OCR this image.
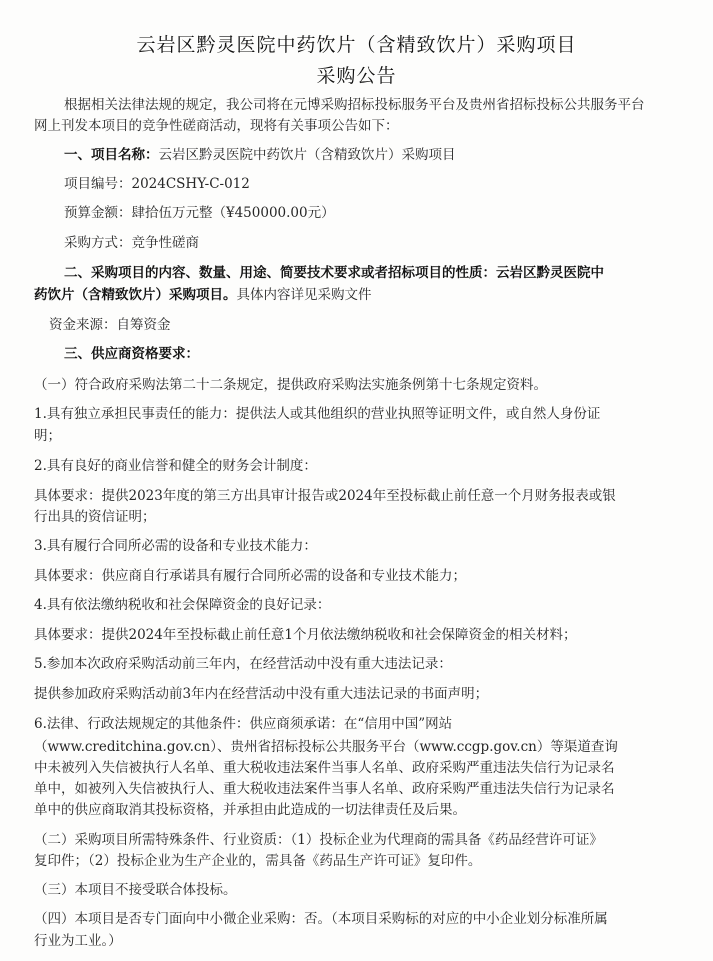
云岩区黔灵医院中药饮片（含精致饮片）采购项目
采购公告
根据相关法律法规的规定，我公司将在元博采购招标投标服务平台及贵州省招标投标公共服务平台
网上刊发本项目的竞争性磋商活动，现将有关事项公告如下：
一、项目名称：云岩区黔灵医院中药饮片（含精致饮片）采购项目
项目编号：2024CSHY-C-012
预算金额：肆拾伍万元整（¥450000.00元）
采购方式：竞争性磋商
二、采购项目的内容、数量、用途、简要技术要求或者招标项目的性质：云岩区黔灵医院中
药饮片（含精致饮片）采购项目。具体内容详见采购文件
资金来源：自筹资金
三、供应商资格要求：
（一）符合政府采购法第二十二条规定，提供政府采购法实施条例第十七条规定资料。
1.具有独立承担民事责任的能力：提供法人或其他组织的营业执照等证明文件，或自然人身份证
明；
2.具有良好的商业信誉和健全的财务会计制度：
具体要求：提供2023年度的第三方出具审计报告或2024年至投标截止前任意一个月财务报表或银
行出具的资信证明；
3.具有履行合同所必需的设备和专业技术能力：
具体要求：供应商自行承诺具有履行合同所必需的设备和专业技术能力；
4.具有依法缴纳税收和社会保障资金的良好记录：
具体要求：提供2024年至投标截止前任意1个月依法缴纳税收和社会保障资金的相关材料；
5.参加本次政府采购活动前三年内，在经营活动中没有重大违法记录：
提供参加政府采购活动前3年内在经营活动中没有重大违法记录的书面声明；
6.法律、行政法规规定的其他条件：供应商须承诺：在“信用中国”网站
（www.creditchina.gov.cn）、贵州省招标投标公共服务平台（www.ccgp.gov.cn）等渠道查询
中未被列入失信被执行人名单、重大税收违法案件当事人名单、政府采购严重违法失信行为记录名
单中，如被列入失信被执行人、重大税收违法案件当事人名单、政府采购严重违法失信行为记录名
单中的供应商取消其投标资格，并承担由此造成的一切法律责任及后果。
（二）采购项目所需特殊条件、行业资质：（1）投标企业为代理商的需具备《药品经营许可证》
复印件；（2）投标企业为生产企业的，需具备《药品生产许可证》复印件。
（三）本项目不接受联合体投标。
（四）本项目是否专门面向中小微企业采购：否。（本项目采购标的对应的中小企业划分标准所属
行业为工业。）
